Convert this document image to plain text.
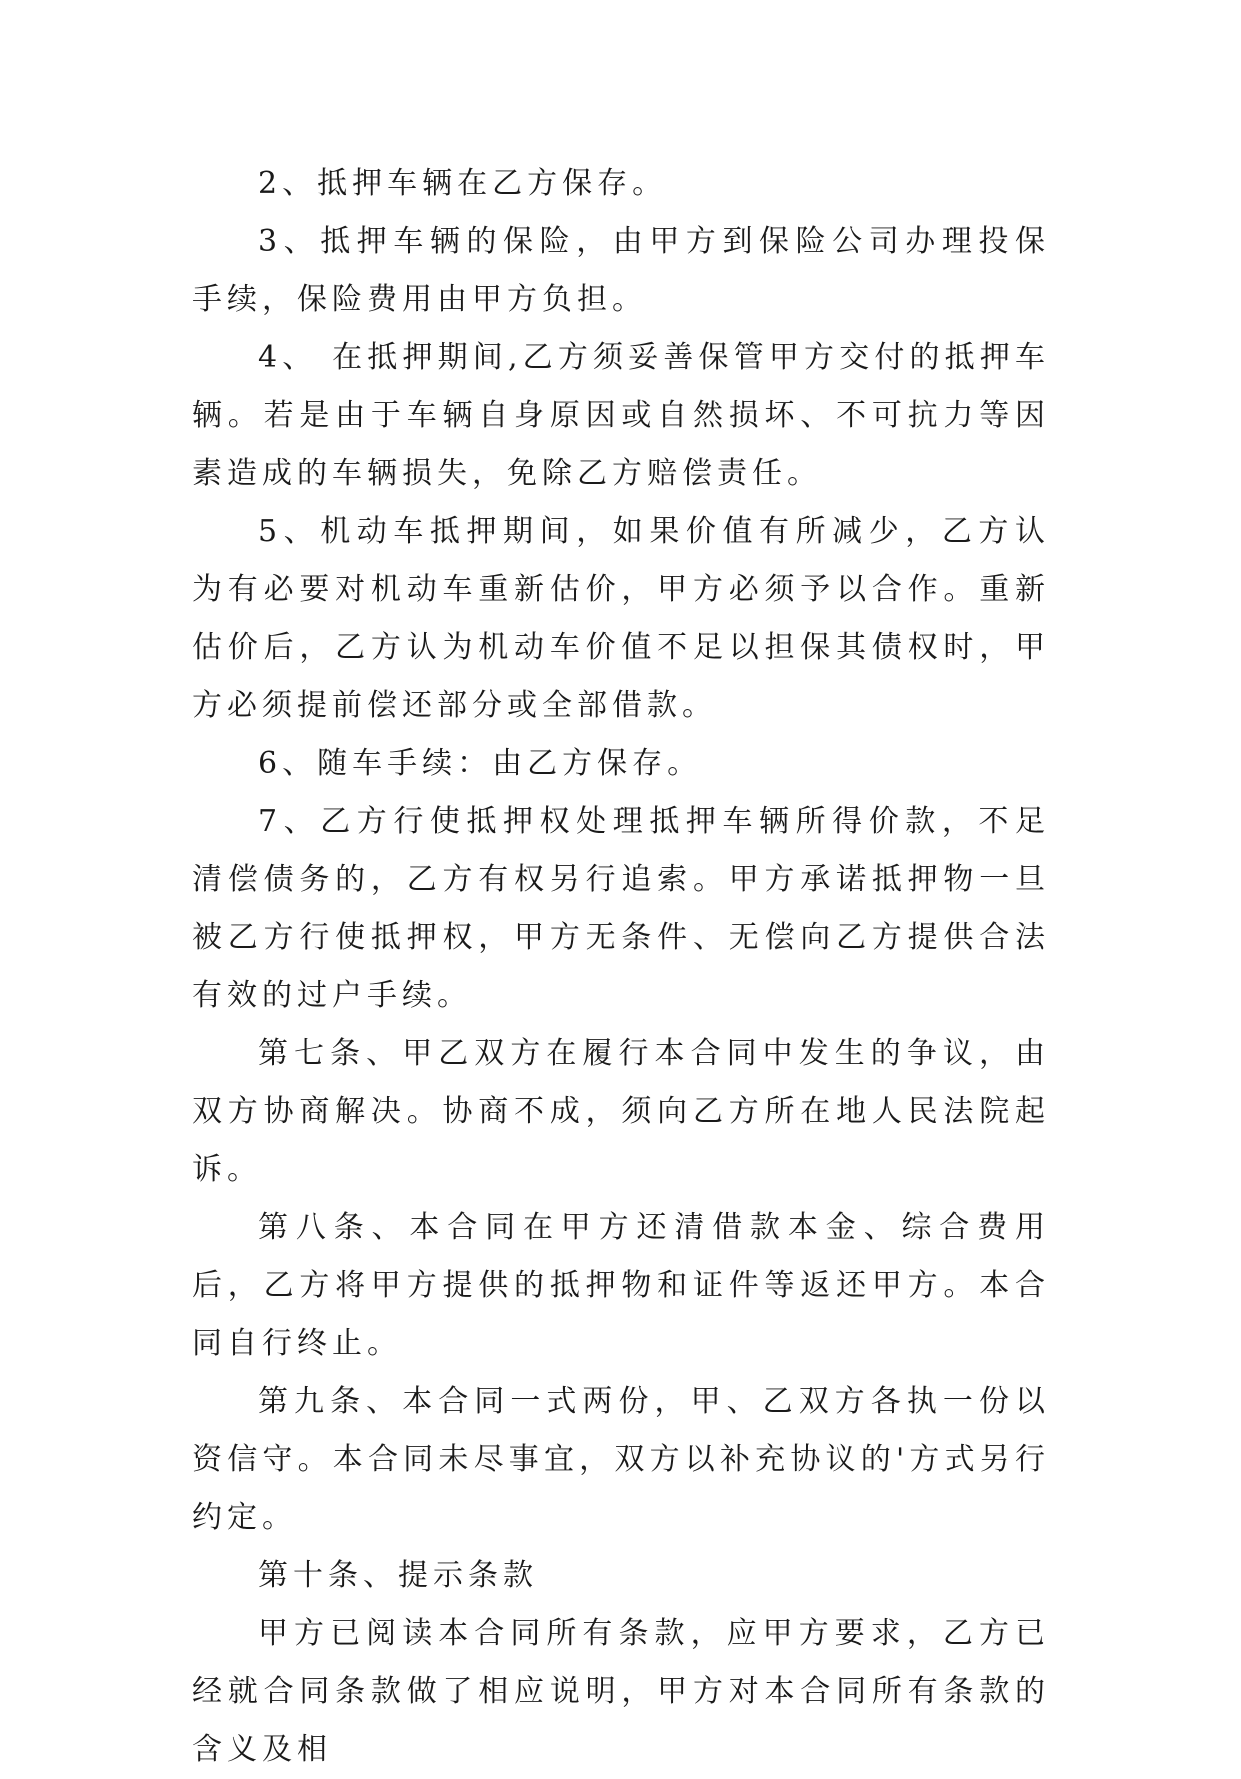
2、抵押车辆在乙方保存。

3、抵押车辆的保险，由甲方到保险公司办理投保手续，保险费用由甲方负担。

4、 在抵押期间,乙方须妥善保管甲方交付的抵押车辆。若是由于车辆自身原因或自然损坏、不可抗力等因素造成的车辆损失，免除乙方赔偿责任。

5、机动车抵押期间，如果价值有所减少，乙方认为有必要对机动车重新估价，甲方必须予以合作。重新估价后，乙方认为机动车价值不足以担保其债权时，甲方必须提前偿还部分或全部借款。

6、随车手续：由乙方保存。

7、乙方行使抵押权处理抵押车辆所得价款，不足清偿债务的，乙方有权另行追索。甲方承诺抵押物一旦被乙方行使抵押权，甲方无条件、无偿向乙方提供合法有效的过户手续。

第七条、甲乙双方在履行本合同中发生的争议，由双方协商解决。协商不成，须向乙方所在地人民法院起诉。

第八条、本合同在甲方还清借款本金、综合费用后，乙方将甲方提供的抵押物和证件等返还甲方。本合同自行终止。

第九条、本合同一式两份，甲、乙双方各执一份以资信守。本合同未尽事宜，双方以补充协议的'方式另行约定。

第十条、提示条款

甲方已阅读本合同所有条款，应甲方要求，乙方已经就合同条款做了相应说明，甲方对本合同所有条款的含义及相
